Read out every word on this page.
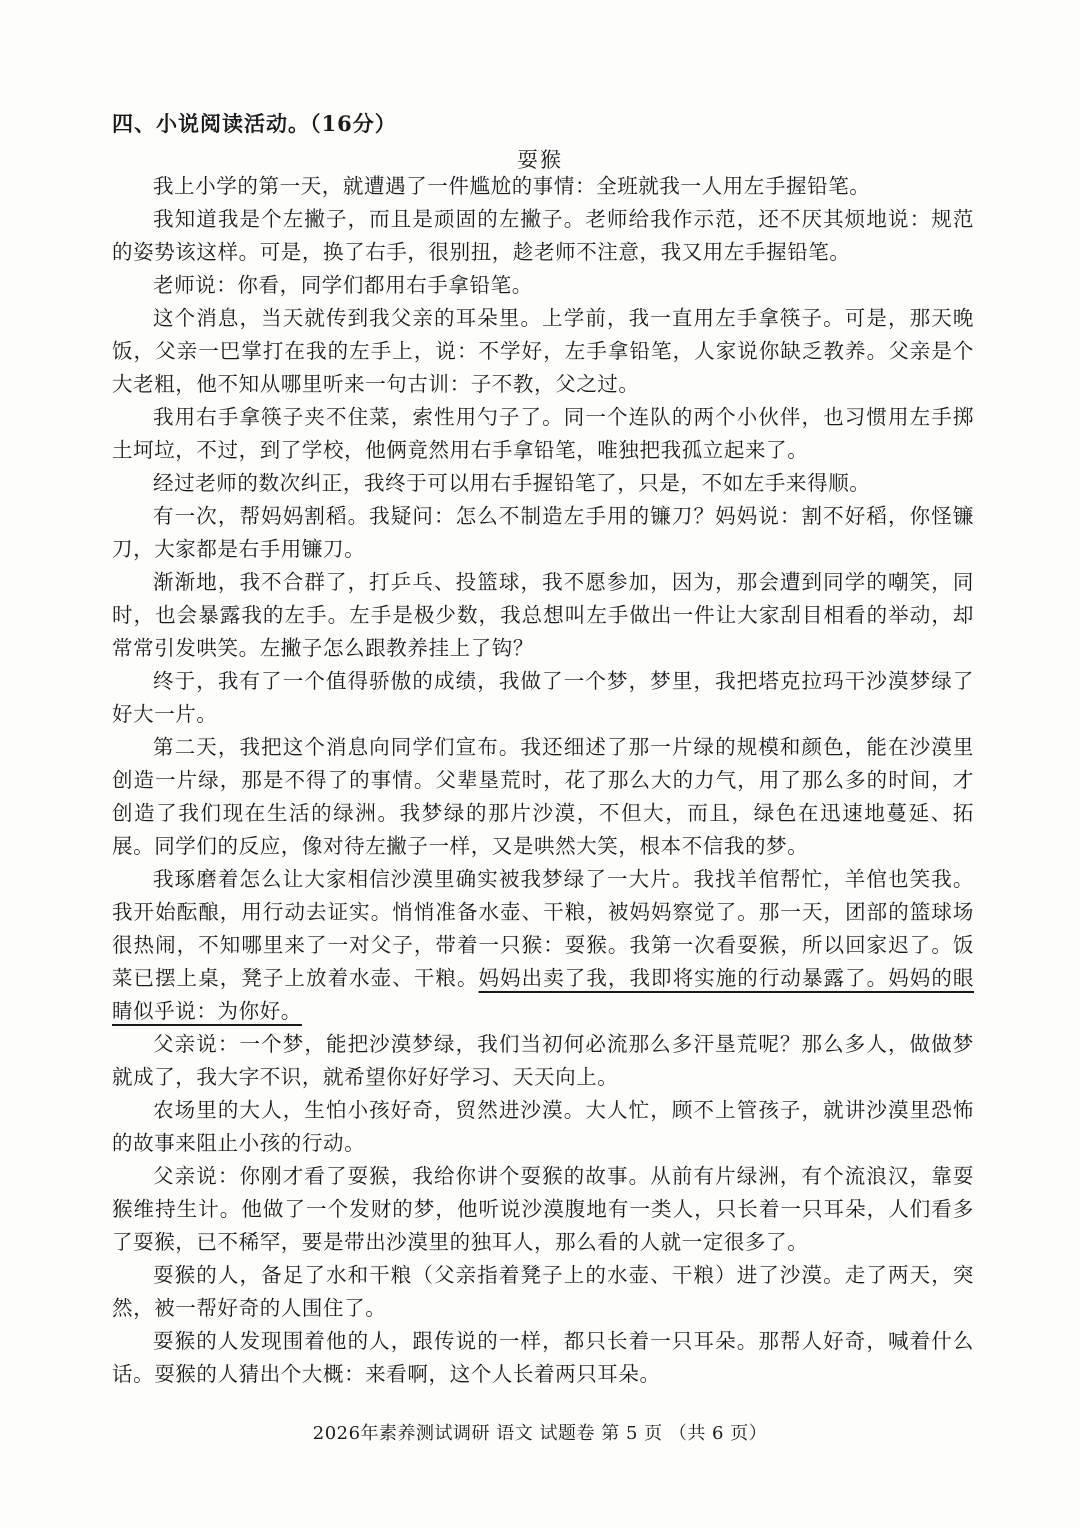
四、小说阅读活动。（16分）
耍猴

我上小学的第一天，就遭遇了一件尴尬的事情：全班就我一人用左手握铅笔。

我知道我是个左撇子，而且是顽固的左撇子。老师给我作示范，还不厌其烦地说：规范的姿势该这样。可是，换了右手，很别扭，趁老师不注意，我又用左手握铅笔。

老师说：你看，同学们都用右手拿铅笔。

这个消息，当天就传到我父亲的耳朵里。上学前，我一直用左手拿筷子。可是，那天晚饭，父亲一巴掌打在我的左手上，说：不学好，左手拿铅笔，人家说你缺乏教养。父亲是个大老粗，他不知从哪里听来一句古训：子不教，父之过。

我用右手拿筷子夹不住菜，索性用勺子了。同一个连队的两个小伙伴，也习惯用左手掷土坷垃，不过，到了学校，他俩竟然用右手拿铅笔，唯独把我孤立起来了。

经过老师的数次纠正，我终于可以用右手握铅笔了，只是，不如左手来得顺。

有一次，帮妈妈割稻。我疑问：怎么不制造左手用的镰刀？妈妈说：割不好稻，你怪镰刀，大家都是右手用镰刀。

渐渐地，我不合群了，打乒乓、投篮球，我不愿参加，因为，那会遭到同学的嘲笑，同时，也会暴露我的左手。左手是极少数，我总想叫左手做出一件让大家刮目相看的举动，却常常引发哄笑。左撇子怎么跟教养挂上了钩？

终于，我有了一个值得骄傲的成绩，我做了一个梦，梦里，我把塔克拉玛干沙漠梦绿了好大一片。

第二天，我把这个消息向同学们宣布。我还细述了那一片绿的规模和颜色，能在沙漠里创造一片绿，那是不得了的事情。父辈垦荒时，花了那么大的力气，用了那么多的时间，才创造了我们现在生活的绿洲。我梦绿的那片沙漠，不但大，而且，绿色在迅速地蔓延、拓展。同学们的反应，像对待左撇子一样，又是哄然大笑，根本不信我的梦。

我琢磨着怎么让大家相信沙漠里确实被我梦绿了一大片。我找羊倌帮忙，羊倌也笑我。我开始酝酿，用行动去证实。悄悄准备水壶、干粮，被妈妈察觉了。那一天，团部的篮球场很热闹，不知哪里来了一对父子，带着一只猴：耍猴。我第一次看耍猴，所以回家迟了。饭菜已摆上桌，凳子上放着水壶、干粮。妈妈出卖了我，我即将实施的行动暴露了。妈妈的眼睛似乎说：为你好。

父亲说：一个梦，能把沙漠梦绿，我们当初何必流那么多汗垦荒呢？那么多人，做做梦就成了，我大字不识，就希望你好好学习、天天向上。

农场里的大人，生怕小孩好奇，贸然进沙漠。大人忙，顾不上管孩子，就讲沙漠里恐怖的故事来阻止小孩的行动。

父亲说：你刚才看了耍猴，我给你讲个耍猴的故事。从前有片绿洲，有个流浪汉，靠耍猴维持生计。他做了一个发财的梦，他听说沙漠腹地有一类人，只长着一只耳朵，人们看多了耍猴，已不稀罕，要是带出沙漠里的独耳人，那么看的人就一定很多了。

耍猴的人，备足了水和干粮（父亲指着凳子上的水壶、干粮）进了沙漠。走了两天，突然，被一帮好奇的人围住了。

耍猴的人发现围着他的人，跟传说的一样，都只长着一只耳朵。那帮人好奇，喊着什么话。耍猴的人猜出个大概：来看啊，这个人长着两只耳朵。

2026年素养测试调研 语文 试题卷 第 5 页 （共 6 页）
